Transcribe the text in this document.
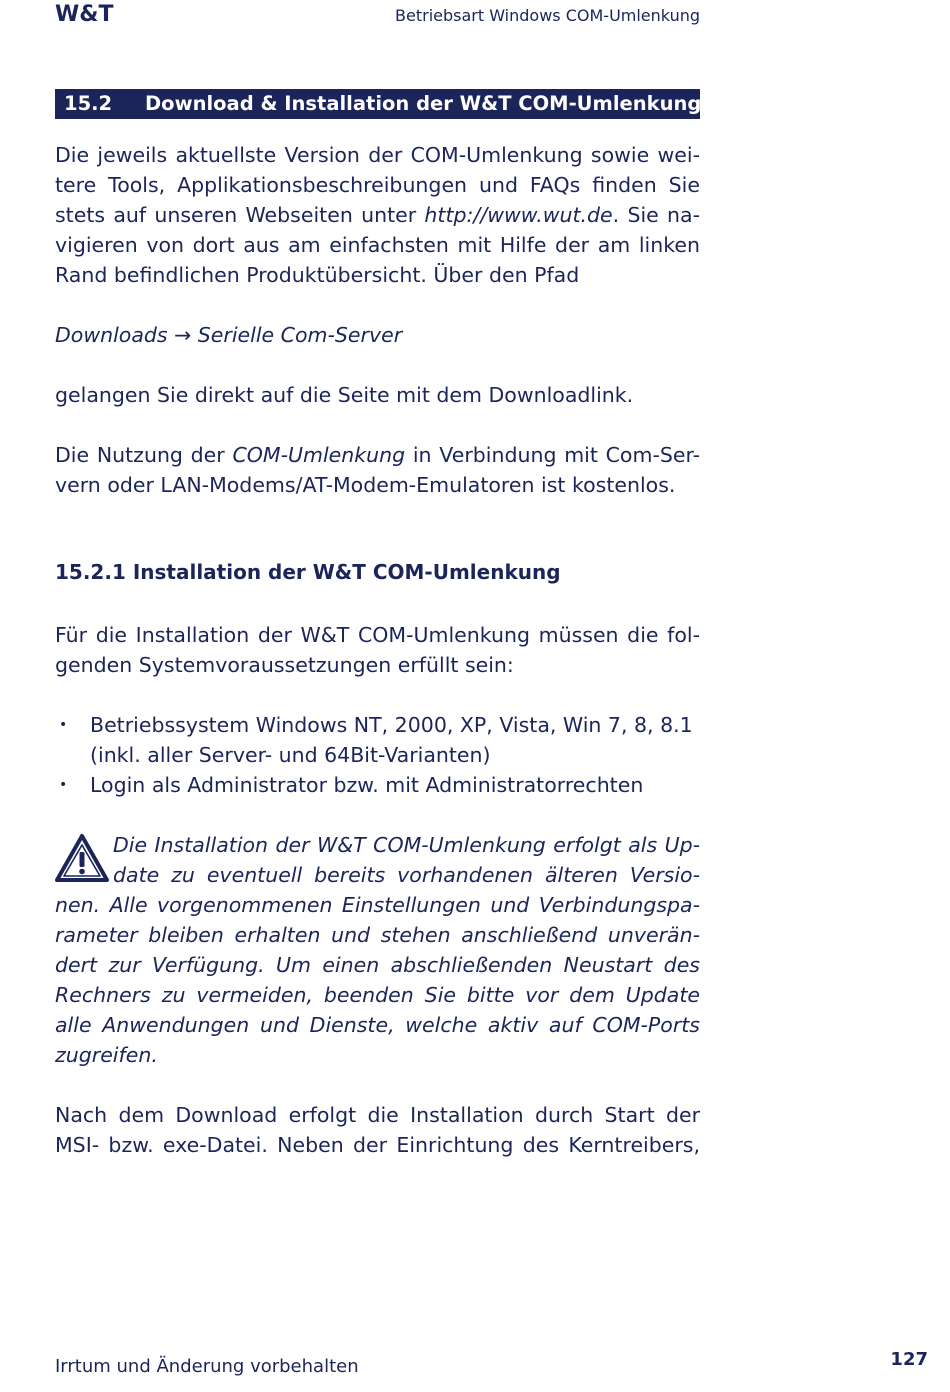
W&T	Betriebsart Windows COM-Umlenkung
15.2 Download & Installation der W&T COM-Umlenkung
Die jeweils aktuellste Version der COM-Umlenkung sowie wei-
tere Tools, Applikationsbeschreibungen und FAQs finden Sie
stets auf unseren Webseiten unter http://www.wut.de. Sie na-
vigieren von dort aus am einfachsten mit Hilfe der am linken
Rand befindlichen Produktübersicht. Über den Pfad
Downloads → Serielle Com-Server
gelangen Sie direkt auf die Seite mit dem Downloadlink.
Die Nutzung der COM-Umlenkung in Verbindung mit Com-Ser-
vern oder LAN-Modems/AT-Modem-Emulatoren ist kostenlos.
15.2.1 Installation der W&T COM-Umlenkung
Für die Installation der W&T COM-Umlenkung müssen die fol-
genden Systemvoraussetzungen erfüllt sein:
• Betriebssystem Windows NT, 2000, XP, Vista, Win 7, 8, 8.1
(inkl. aller Server- und 64Bit-Varianten)
• Login als Administrator bzw. mit Administratorrechten
Die Installation der W&T COM-Umlenkung erfolgt als Up-
date zu eventuell bereits vorhandenen älteren Versio-
nen. Alle vorgenommenen Einstellungen und Verbindungspa-
rameter bleiben erhalten und stehen anschließend unverän-
dert zur Verfügung. Um einen abschließenden Neustart des
Rechners zu vermeiden, beenden Sie bitte vor dem Update
alle Anwendungen und Dienste, welche aktiv auf COM-Ports
zugreifen.
Nach dem Download erfolgt die Installation durch Start der
MSI- bzw. exe-Datei. Neben der Einrichtung des Kerntreibers,
Irrtum und Änderung vorbehalten	127
